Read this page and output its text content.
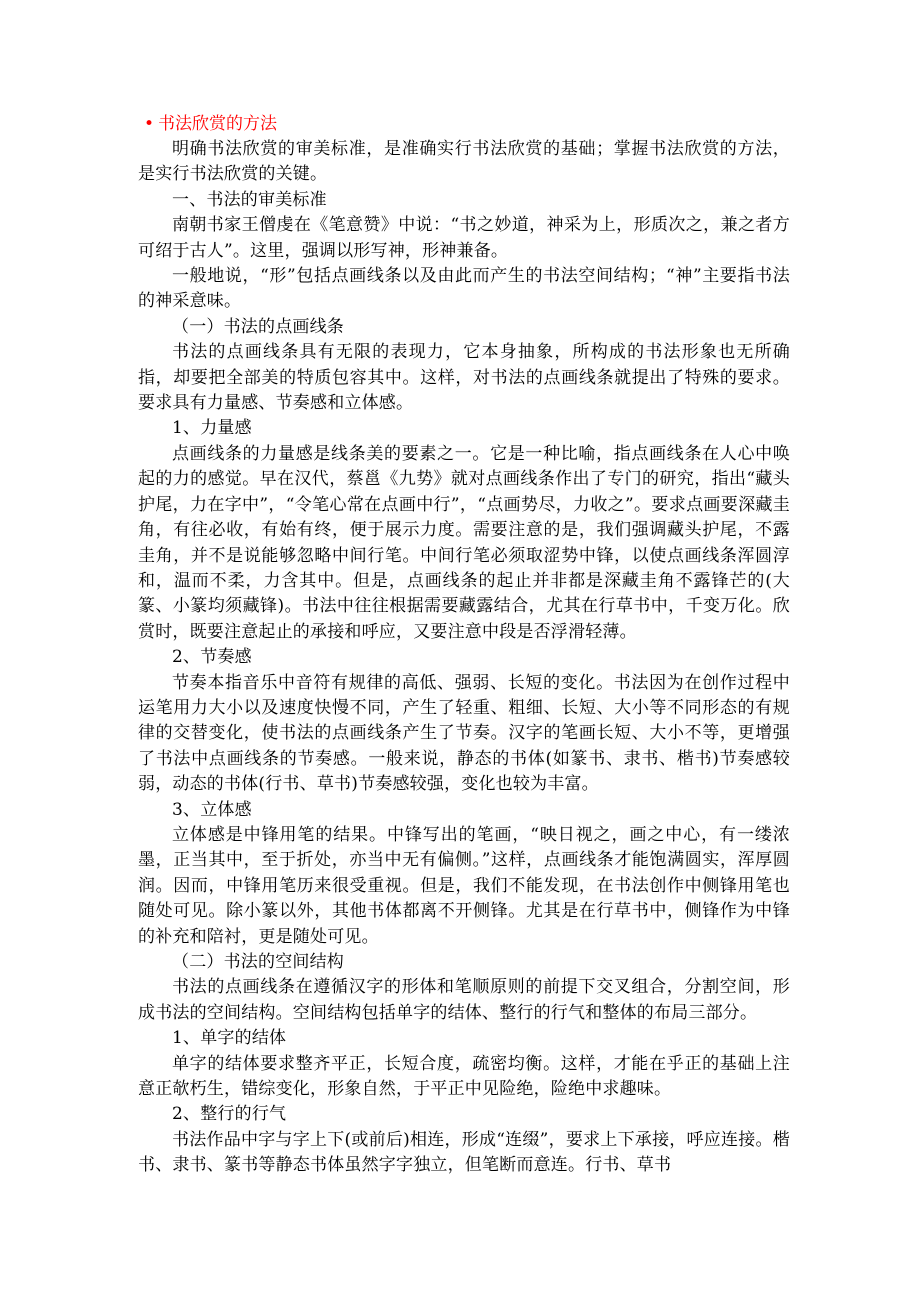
• 书法欣赏的方法

明确书法欣赏的审美标准，是准确实行书法欣赏的基础；掌握书法欣赏的方法，是实行书法欣赏的关键。

一、书法的审美标准

南朝书家王僧虔在《笔意赞》中说：“书之妙道，神采为上，形质次之，兼之者方可绍于古人”。这里，强调以形写神，形神兼备。

一般地说，“形”包括点画线条以及由此而产生的书法空间结构；“神”主要指书法的神采意味。

（一）书法的点画线条

书法的点画线条具有无限的表现力，它本身抽象，所构成的书法形象也无所确指，却要把全部美的特质包容其中。这样，对书法的点画线条就提出了特殊的要求。要求具有力量感、节奏感和立体感。

1、力量感

点画线条的力量感是线条美的要素之一。它是一种比喻，指点画线条在人心中唤起的力的感觉。早在汉代，蔡邕《九势》就对点画线条作出了专门的研究，指出“藏头护尾，力在字中”，“令笔心常在点画中行”，“点画势尽，力收之”。要求点画要深藏圭角，有往必收，有始有终，便于展示力度。需要注意的是，我们强调藏头护尾，不露圭角，并不是说能够忽略中间行笔。中间行笔必须取涩势中锋，以使点画线条浑圆淳和，温而不柔，力含其中。但是，点画线条的起止并非都是深藏圭角不露锋芒的(大篆、小篆均须藏锋)。书法中往往根据需要藏露结合，尤其在行草书中，千变万化。欣赏时，既要注意起止的承接和呼应，又要注意中段是否浮滑轻薄。

2、节奏感

节奏本指音乐中音符有规律的高低、强弱、长短的变化。书法因为在创作过程中运笔用力大小以及速度快慢不同，产生了轻重、粗细、长短、大小等不同形态的有规律的交替变化，使书法的点画线条产生了节奏。汉字的笔画长短、大小不等，更增强了书法中点画线条的节奏感。一般来说，静态的书体(如篆书、隶书、楷书)节奏感较弱，动态的书体(行书、草书)节奏感较强，变化也较为丰富。

3、立体感

立体感是中锋用笔的结果。中锋写出的笔画，“映日视之，画之中心，有一缕浓墨，正当其中，至于折处，亦当中无有偏侧。”这样，点画线条才能饱满圆实，浑厚圆润。因而，中锋用笔历来很受重视。但是，我们不能发现，在书法创作中侧锋用笔也随处可见。除小篆以外，其他书体都离不开侧锋。尤其是在行草书中，侧锋作为中锋的补充和陪衬，更是随处可见。

（二）书法的空间结构

书法的点画线条在遵循汉字的形体和笔顺原则的前提下交叉组合，分割空间，形成书法的空间结构。空间结构包括单字的结体、整行的行气和整体的布局三部分。

1、单字的结体

单字的结体要求整齐平正，长短合度，疏密均衡。这样，才能在乎正的基础上注意正欹朽生，错综变化，形象自然，于平正中见险绝，险绝中求趣味。

2、整行的行气

书法作品中字与字上下(或前后)相连，形成“连缀”，要求上下承接，呼应连接。楷书、隶书、篆书等静态书体虽然字字独立，但笔断而意连。行书、草书
